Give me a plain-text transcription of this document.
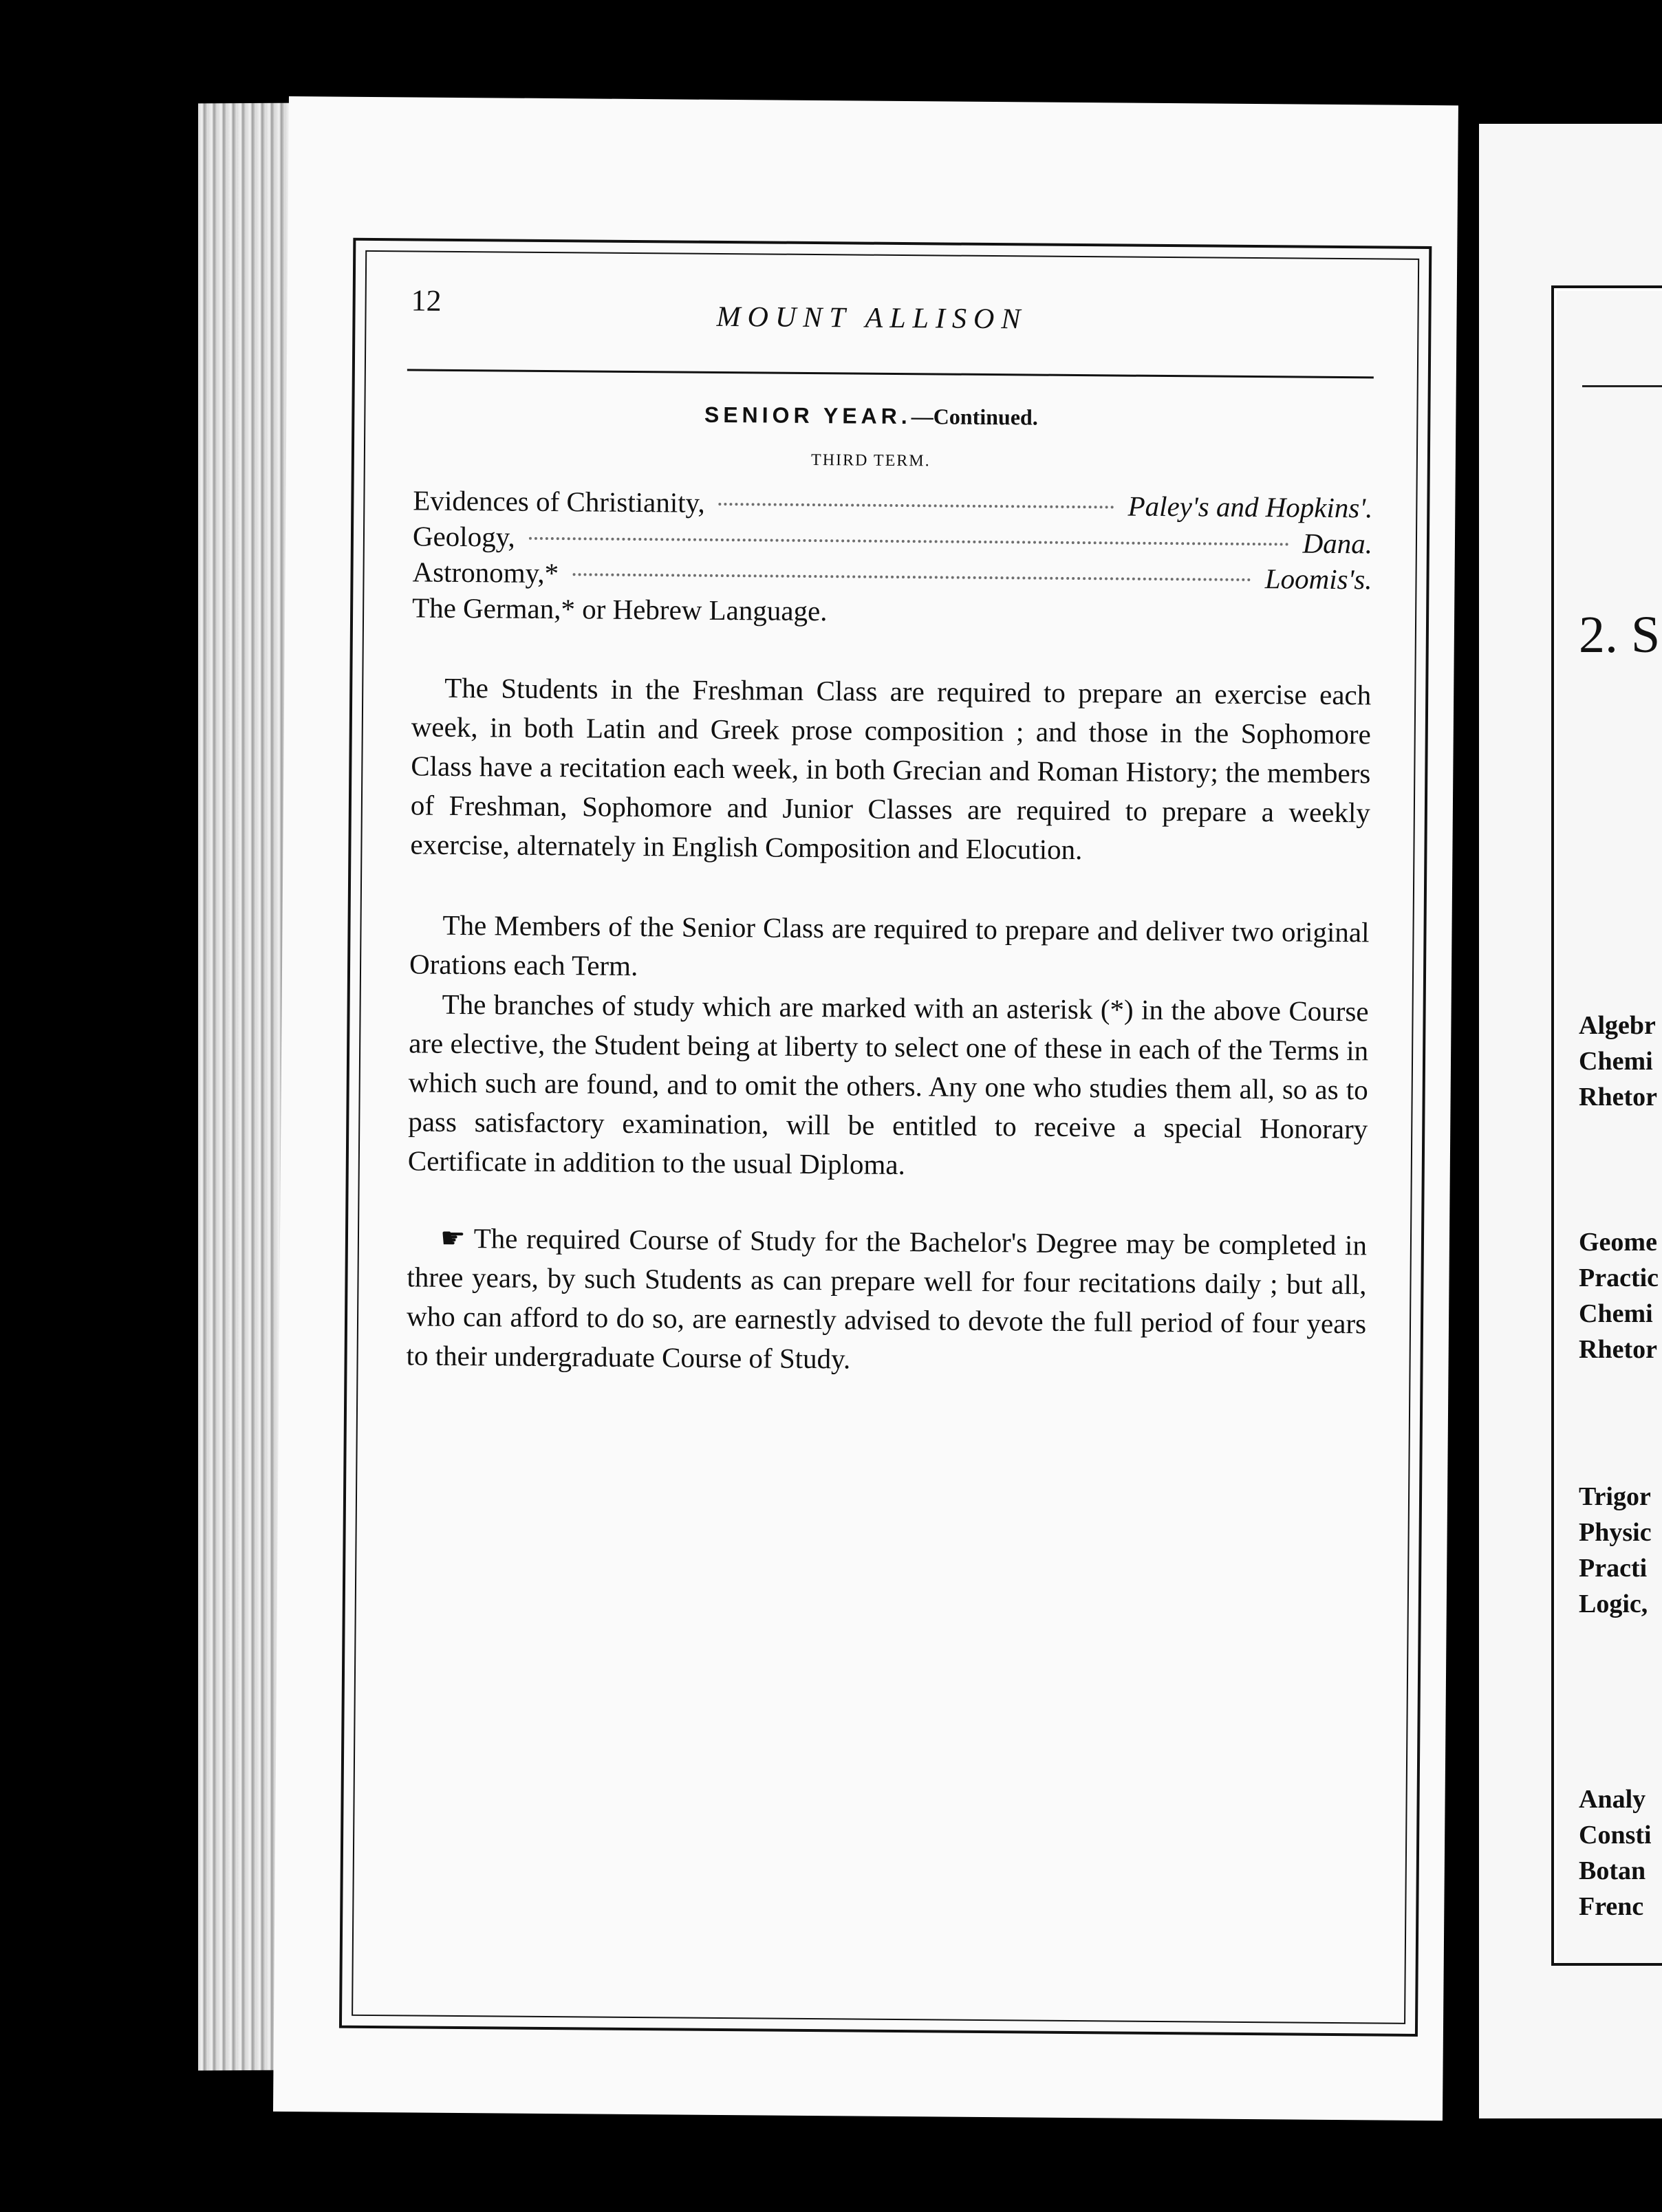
12
MOUNT ALLISON
SENIOR YEAR.—Continued.
THIRD TERM.
Evidences of Christianity,	Paley's and Hopkins'.
Geology,	Dana.
Astronomy,*	Loomis's.
The German,* or Hebrew Language.

The Students in the Freshman Class are required to prepare an exercise each week, in both Latin and Greek prose composition ; and those in the Sophomore Class have a recitation each week, in both Grecian and Roman History; the members of Freshman, Sophomore and Junior Classes are required to prepare a weekly exercise, alternately in English Composition and Elocution.

The Members of the Senior Class are required to prepare and deliver two original Orations each Term.

The branches of study which are marked with an asterisk (*) in the above Course are elective, the Student being at liberty to select one of these in each of the Terms in which such are found, and to omit the others. Any one who studies them all, so as to pass satisfactory examination, will be entitled to receive a special Honorary Certificate in addition to the usual Diploma.

☛ The required Course of Study for the Bachelor's Degree may be completed in three years, by such Students as can prepare well for four recitations daily ; but all, who can afford to do so, are earnestly advised to devote the full period of four years to their undergraduate Course of Study.

2. S
Algebr
Chemi
Rhetor
Geome
Practic
Chemi
Rhetor
Trigor
Physic
Practi
Logic,
Analy
Consti
Botan
Frenc
